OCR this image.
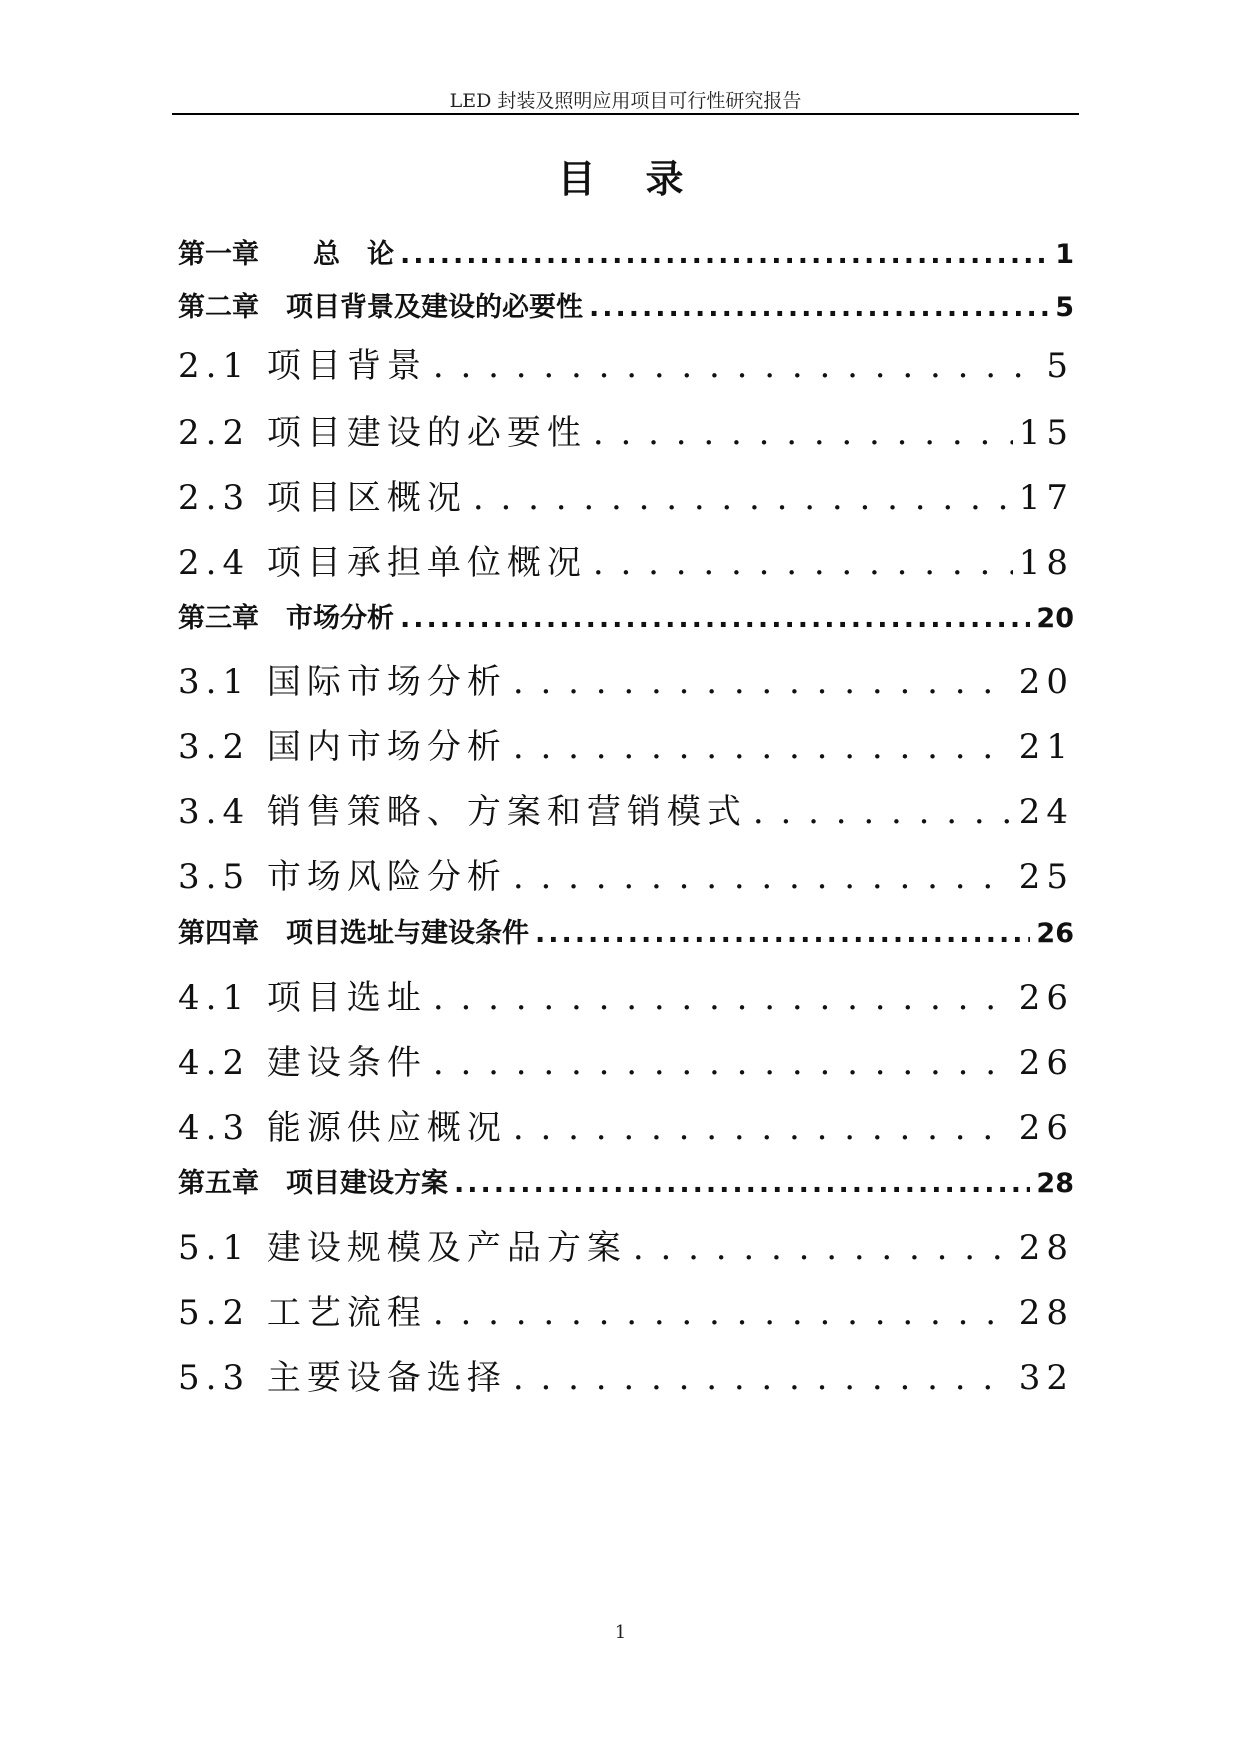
LED 封装及照明应用项目可行性研究报告
目录
第一章　　总　论 .....	1
第二章　项目背景及建设的必要性 .....	5
2.1 项目背景 . . .	5
2.2 项目建设的必要性 . . .	15
2.3 项目区概况 . . .	17
2.4 项目承担单位概况 . . .	18
第三章　市场分析 .....	20
3.1 国际市场分析 . . .	20
3.2 国内市场分析 . . .	21
3.4 销售策略、方案和营销模式 . . .	24
3.5 市场风险分析 . . .	25
第四章　项目选址与建设条件 .....	26
4.1 项目选址 . . .	26
4.2 建设条件 . . .	26
4.3 能源供应概况 . . .	26
第五章　项目建设方案 .....	28
5.1 建设规模及产品方案 . . .	28
5.2 工艺流程 . . .	28
5.3 主要设备选择 . . .	32
1
